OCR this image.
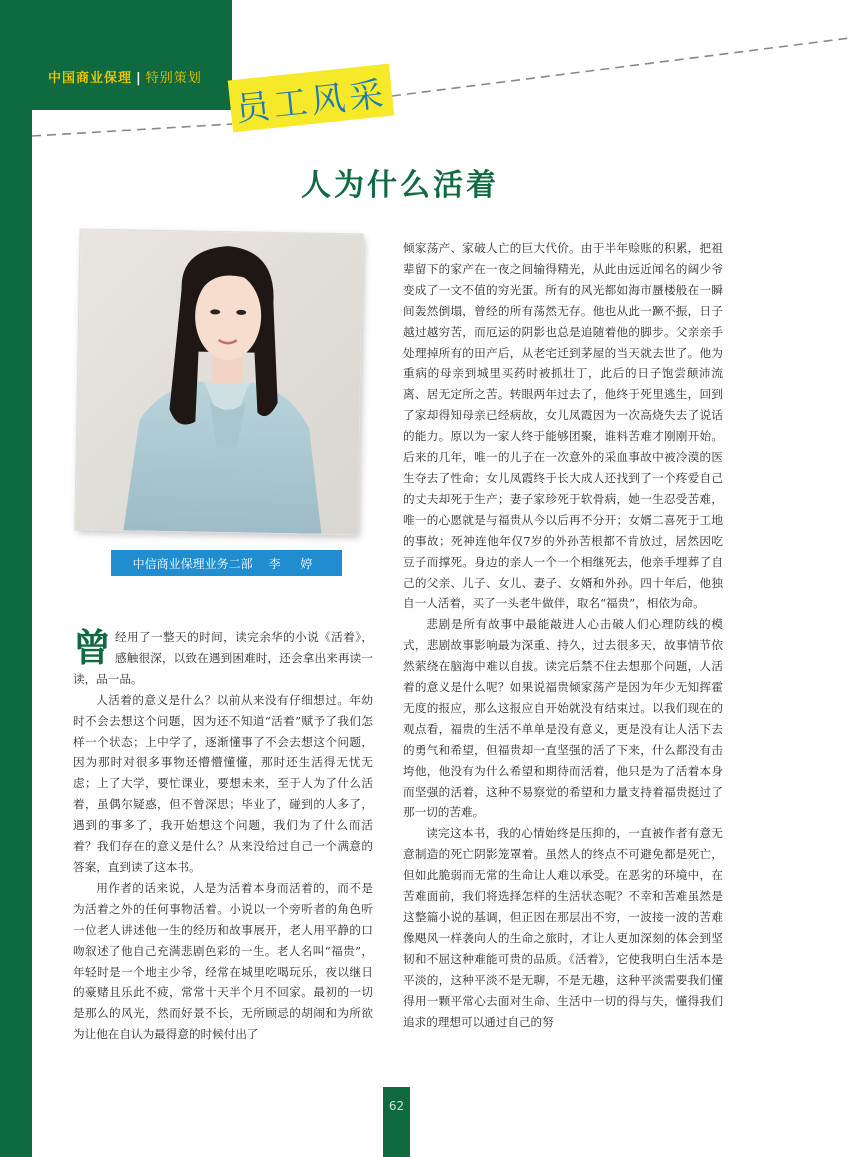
中国商业保理 | 特别策划 员工风采
人为什么活着
中信商业保理业务二部 李 婷

曾经用了一整天的时间，读完余华的小说《活着》，感触很深，以致在遇到困难时，还会拿出来再读一读，品一品。

人活着的意义是什么？以前从来没有仔细想过。年幼时不会去想这个问题，因为还不知道“活着”赋予了我们怎样一个状态；上中学了，逐渐懂事了不会去想这个问题，因为那时对很多事物还懵懵懂懂，那时还生活得无忧无虑；上了大学，要忙课业，要想未来，至于人为了什么活着，虽偶尔疑惑，但不曾深思；毕业了，碰到的人多了，遇到的事多了，我开始想这个问题，我们为了什么而活着？我们存在的意义是什么？从来没给过自己一个满意的答案，直到读了这本书。

用作者的话来说，人是为活着本身而活着的，而不是为活着之外的任何事物活着。小说以一个旁听者的角色听一位老人讲述他一生的经历和故事展开，老人用平静的口吻叙述了他自己充满悲剧色彩的一生。老人名叫“福贵”，年轻时是一个地主少爷，经常在城里吃喝玩乐，夜以继日的豪赌且乐此不疲，常常十天半个月不回家。最初的一切是那么的风光，然而好景不长，无所顾忌的胡闹和为所欲为让他在自认为最得意的时候付出了

倾家荡产、家破人亡的巨大代价。由于半年赊账的积累，把祖辈留下的家产在一夜之间输得精光，从此由远近闻名的阔少爷变成了一文不值的穷光蛋。所有的风光都如海市蜃楼般在一瞬间轰然倒塌，曾经的所有荡然无存。他也从此一蹶不振，日子越过越穷苦，而厄运的阴影也总是追随着他的脚步。父亲亲手处理掉所有的田产后，从老宅迁到茅屋的当天就去世了。他为重病的母亲到城里买药时被抓壮丁，此后的日子饱尝颠沛流离、居无定所之苦。转眼两年过去了，他终于死里逃生，回到了家却得知母亲已经病故，女儿凤霞因为一次高烧失去了说话的能力。原以为一家人终于能够团聚，谁料苦难才刚刚开始。后来的几年，唯一的儿子在一次意外的采血事故中被冷漠的医生夺去了性命；女儿凤霞终于长大成人还找到了一个疼爱自己的丈夫却死于生产；妻子家珍死于软骨病，她一生忍受苦难，唯一的心愿就是与福贵从今以后再不分开；女婿二喜死于工地的事故；死神连他年仅7岁的外孙苦根都不肯放过，居然因吃豆子而撑死。身边的亲人一个一个相继死去，他亲手埋葬了自己的父亲、儿子、女儿、妻子、女婿和外孙。四十年后，他独自一人活着，买了一头老牛做伴，取名“福贵”，相依为命。

悲剧是所有故事中最能敲进人心击破人们心理防线的模式，悲剧故事影响最为深重、持久，过去很多天，故事情节依然萦绕在脑海中难以自拔。读完后禁不住去想那个问题，人活着的意义是什么呢？如果说福贵倾家荡产是因为年少无知挥霍无度的报应，那么这报应自开始就没有结束过。以我们现在的观点看，福贵的生活不单单是没有意义，更是没有让人活下去的勇气和希望，但福贵却一直坚强的活了下来，什么都没有击垮他，他没有为什么希望和期待而活着，他只是为了活着本身而坚强的活着，这种不易察觉的希望和力量支持着福贵挺过了那一切的苦难。

读完这本书，我的心情始终是压抑的，一直被作者有意无意制造的死亡阴影笼罩着。虽然人的终点不可避免都是死亡，但如此脆弱而无常的生命让人难以承受。在恶劣的环境中，在苦难面前，我们将选择怎样的生活状态呢？不幸和苦难虽然是这整篇小说的基调，但正因在那层出不穷，一波接一波的苦难像飓风一样袭向人的生命之旅时，才让人更加深刻的体会到坚韧和不屈这种难能可贵的品质。《活着》，它使我明白生活本是平淡的，这种平淡不是无聊，不是无趣，这种平淡需要我们懂得用一颗平常心去面对生命、生活中一切的得与失，懂得我们追求的理想可以通过自己的努

62
